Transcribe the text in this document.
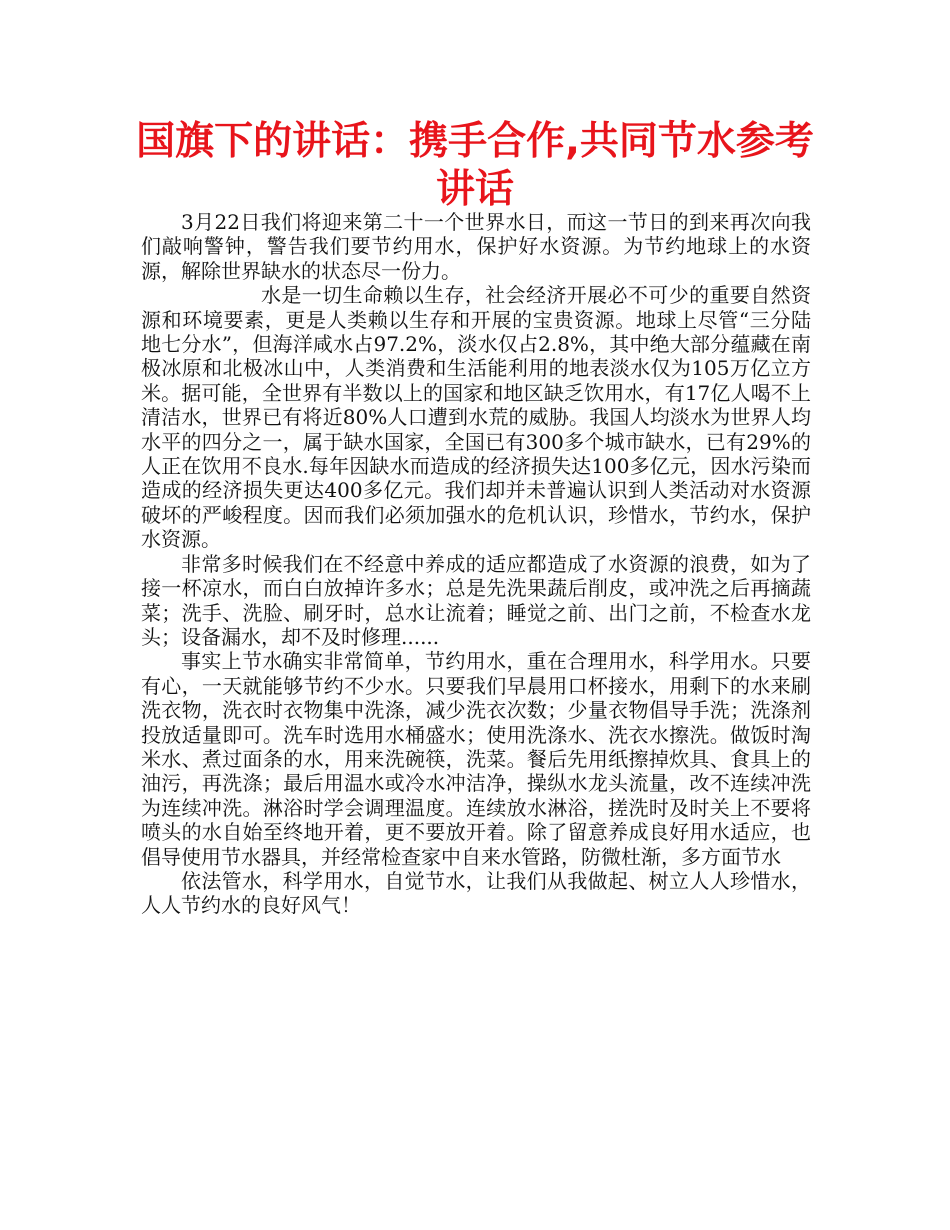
国旗下的讲话：携手合作,共同节水参考讲话

3月22日我们将迎来第二十一个世界水日，而这一节日的到来再次向我们敲响警钟，警告我们要节约用水，保护好水资源。为节约地球上的水资源，解除世界缺水的状态尽一份力。

水是一切生命赖以生存，社会经济开展必不可少的重要自然资源和环境要素，更是人类赖以生存和开展的宝贵资源。地球上尽管“三分陆地七分水”，但海洋咸水占97.2%，淡水仅占2.8%，其中绝大部分蕴藏在南极冰原和北极冰山中，人类消费和生活能利用的地表淡水仅为105万亿立方米。据可能，全世界有半数以上的国家和地区缺乏饮用水，有17亿人喝不上清洁水，世界已有将近80%人口遭到水荒的威胁。我国人均淡水为世界人均水平的四分之一，属于缺水国家，全国已有300多个城市缺水，已有29%的人正在饮用不良水.每年因缺水而造成的经济损失达100多亿元，因水污染而造成的经济损失更达400多亿元。我们却并未普遍认识到人类活动对水资源破坏的严峻程度。因而我们必须加强水的危机认识，珍惜水，节约水，保护水资源。

非常多时候我们在不经意中养成的适应都造成了水资源的浪费，如为了接一杯凉水，而白白放掉许多水；总是先洗果蔬后削皮，或冲洗之后再摘蔬菜；洗手、洗脸、刷牙时，总水让流着；睡觉之前、出门之前，不检查水龙头；设备漏水，却不及时修理......

事实上节水确实非常简单，节约用水，重在合理用水，科学用水。只要有心，一天就能够节约不少水。只要我们早晨用口杯接水，用剩下的水来刷洗衣物，洗衣时衣物集中洗涤，减少洗衣次数；少量衣物倡导手洗；洗涤剂投放适量即可。洗车时选用水桶盛水；使用洗涤水、洗衣水擦洗。做饭时淘米水、煮过面条的水，用来洗碗筷，洗菜。餐后先用纸擦掉炊具、食具上的油污，再洗涤；最后用温水或冷水冲洁净，操纵水龙头流量，改不连续冲洗为连续冲洗。淋浴时学会调理温度。连续放水淋浴，搓洗时及时关上不要将喷头的水自始至终地开着，更不要放开着。除了留意养成良好用水适应，也倡导使用节水器具，并经常检查家中自来水管路，防微杜渐，多方面节水

依法管水，科学用水，自觉节水，让我们从我做起、树立人人珍惜水，人人节约水的良好风气！
